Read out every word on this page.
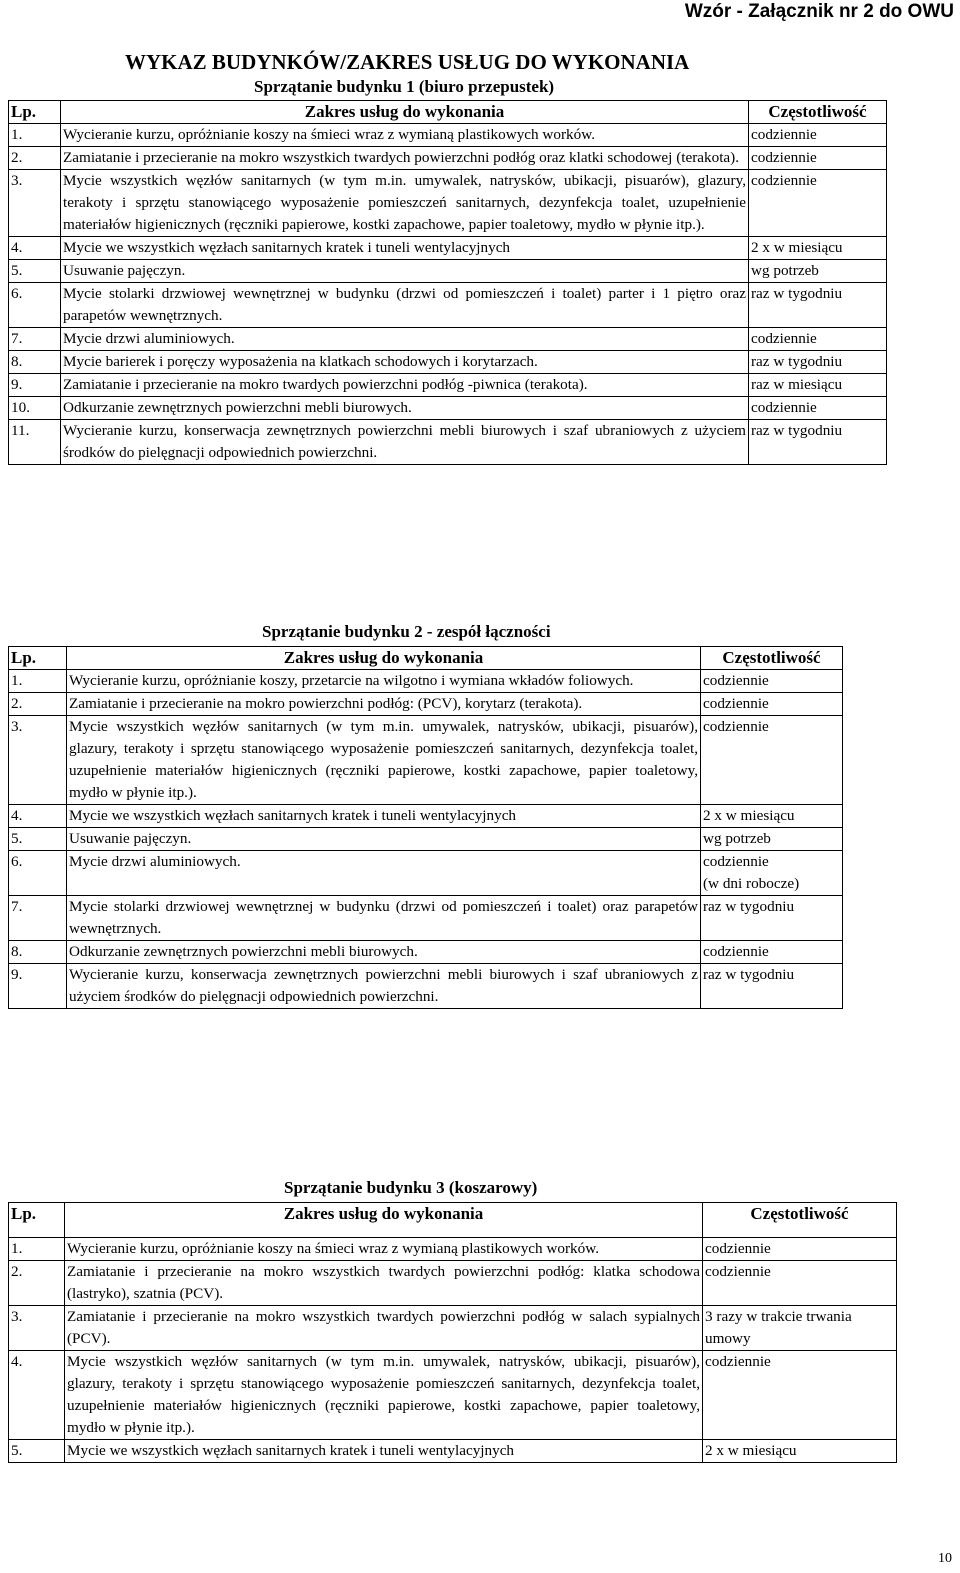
Wzór - Załącznik nr 2 do OWU
WYKAZ BUDYNKÓW/ZAKRES USŁUG DO WYKONANIA
Sprzątanie budynku 1 (biuro przepustek)
Lp.	Zakres usług do wykonania	Częstotliwość
1.	Wycieranie kurzu, opróżnianie koszy na śmieci wraz z wymianą plastikowych worków.	codziennie

2.	Zamiatanie i przecieranie na mokro wszystkich twardych powierzchni podłóg oraz klatki schodowej (terakota).	codziennie

3.	Mycie wszystkich węzłów sanitarnych (w tym m.in. umywalek, natrysków, ubikacji, pisuarów), glazury, terakoty i sprzętu stanowiącego wyposażenie pomieszczeń sanitarnych, dezynfekcja toalet, uzupełnienie materiałów higienicznych (ręczniki papierowe, kostki zapachowe, papier toaletowy, mydło w płynie itp.).	codziennie

4.	Mycie we wszystkich węzłach sanitarnych kratek i tuneli wentylacyjnych	2 x w miesiącu

5.	Usuwanie pajęczyn.	wg potrzeb

6.	Mycie stolarki drzwiowej wewnętrznej w budynku (drzwi od pomieszczeń i toalet) parter i 1 piętro oraz parapetów wewnętrznych.	raz w tygodniu

7.	Mycie drzwi aluminiowych.	codziennie

8.	Mycie barierek i poręczy wyposażenia na klatkach schodowych i korytarzach.	raz w tygodniu

9.	Zamiatanie i przecieranie na mokro twardych powierzchni podłóg -piwnica (terakota).	raz w miesiącu

10.	Odkurzanie zewnętrznych powierzchni mebli biurowych.	codziennie

11.	Wycieranie kurzu, konserwacja zewnętrznych powierzchni mebli biurowych i szaf ubraniowych z użyciem środków do pielęgnacji odpowiednich powierzchni.	raz w tygodniu
Sprzątanie budynku 2 - zespół łączności
Lp.	Zakres usług do wykonania	Częstotliwość
1.	Wycieranie kurzu, opróżnianie koszy, przetarcie na wilgotno i wymiana wkładów foliowych.	codziennie

2.	Zamiatanie i przecieranie na mokro powierzchni podłóg: (PCV), korytarz (terakota).	codziennie

3.	Mycie wszystkich węzłów sanitarnych (w tym m.in. umywalek, natrysków, ubikacji, pisuarów), glazury, terakoty i sprzętu stanowiącego wyposażenie pomieszczeń sanitarnych, dezynfekcja toalet, uzupełnienie materiałów higienicznych (ręczniki papierowe, kostki zapachowe, papier toaletowy, mydło w płynie itp.).	codziennie

4.	Mycie we wszystkich węzłach sanitarnych kratek i tuneli wentylacyjnych	2 x w miesiącu

5.	Usuwanie pajęczyn.	wg potrzeb

6.	Mycie drzwi aluminiowych.	codziennie
(w dni robocze)

7.	Mycie stolarki drzwiowej wewnętrznej w budynku (drzwi od pomieszczeń i toalet) oraz parapetów wewnętrznych.	raz w tygodniu

8.	Odkurzanie zewnętrznych powierzchni mebli biurowych.	codziennie

9.	Wycieranie kurzu, konserwacja zewnętrznych powierzchni mebli biurowych i szaf ubraniowych z użyciem środków do pielęgnacji odpowiednich powierzchni.	raz w tygodniu
Sprzątanie budynku 3 (koszarowy)
Lp.	Zakres usług do wykonania	Częstotliwość
1.	Wycieranie kurzu, opróżnianie koszy na śmieci wraz z wymianą plastikowych worków.	codziennie

2.	Zamiatanie i przecieranie na mokro wszystkich twardych powierzchni podłóg: klatka schodowa (lastryko), szatnia (PCV).	codziennie

3.	Zamiatanie i przecieranie na mokro wszystkich twardych powierzchni podłóg w salach sypialnych (PCV).	3 razy w trakcie trwania umowy

4.	Mycie wszystkich węzłów sanitarnych (w tym m.in. umywalek, natrysków, ubikacji, pisuarów), glazury, terakoty i sprzętu stanowiącego wyposażenie pomieszczeń sanitarnych, dezynfekcja toalet, uzupełnienie materiałów higienicznych (ręczniki papierowe, kostki zapachowe, papier toaletowy, mydło w płynie itp.).	codziennie

5.	Mycie we wszystkich węzłach sanitarnych kratek i tuneli wentylacyjnych	2 x w miesiącu
10
